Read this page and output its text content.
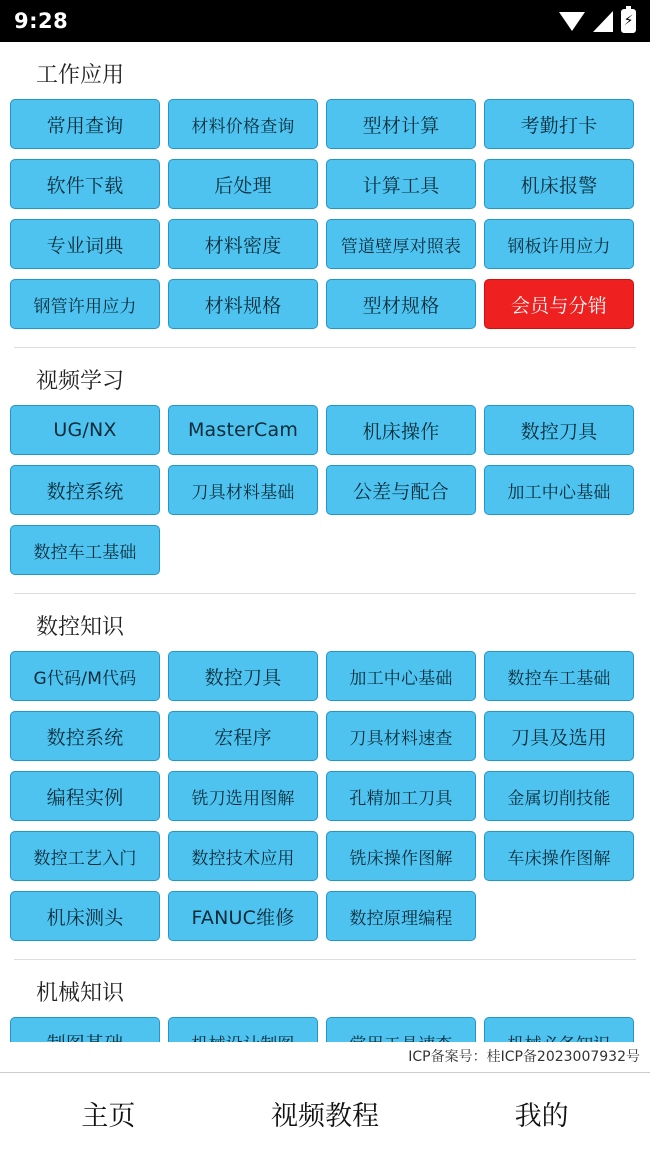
9:28	⚡
工作应用
常用查询	材料价格查询	型材计算	考勤打卡
软件下载	后处理	计算工具	机床报警
专业词典	材料密度	管道壁厚对照表	钢板许用应力
钢管许用应力	材料规格	型材规格	会员与分销
视频学习
UG/NX	MasterCam	机床操作	数控刀具
数控系统	刀具材料基础	公差与配合	加工中心基础
数控车工基础
数控知识
G代码/M代码	数控刀具	加工中心基础	数控车工基础
数控系统	宏程序	刀具材料速查	刀具及选用
编程实例	铣刀选用图解	孔精加工刀具	金属切削技能
数控工艺入门	数控技术应用	铣床操作图解	车床操作图解
机床测头	FANUC维修	数控原理编程
机械知识
ICP备案号：桂ICP备2023007932号
主页	视频教程	我的
